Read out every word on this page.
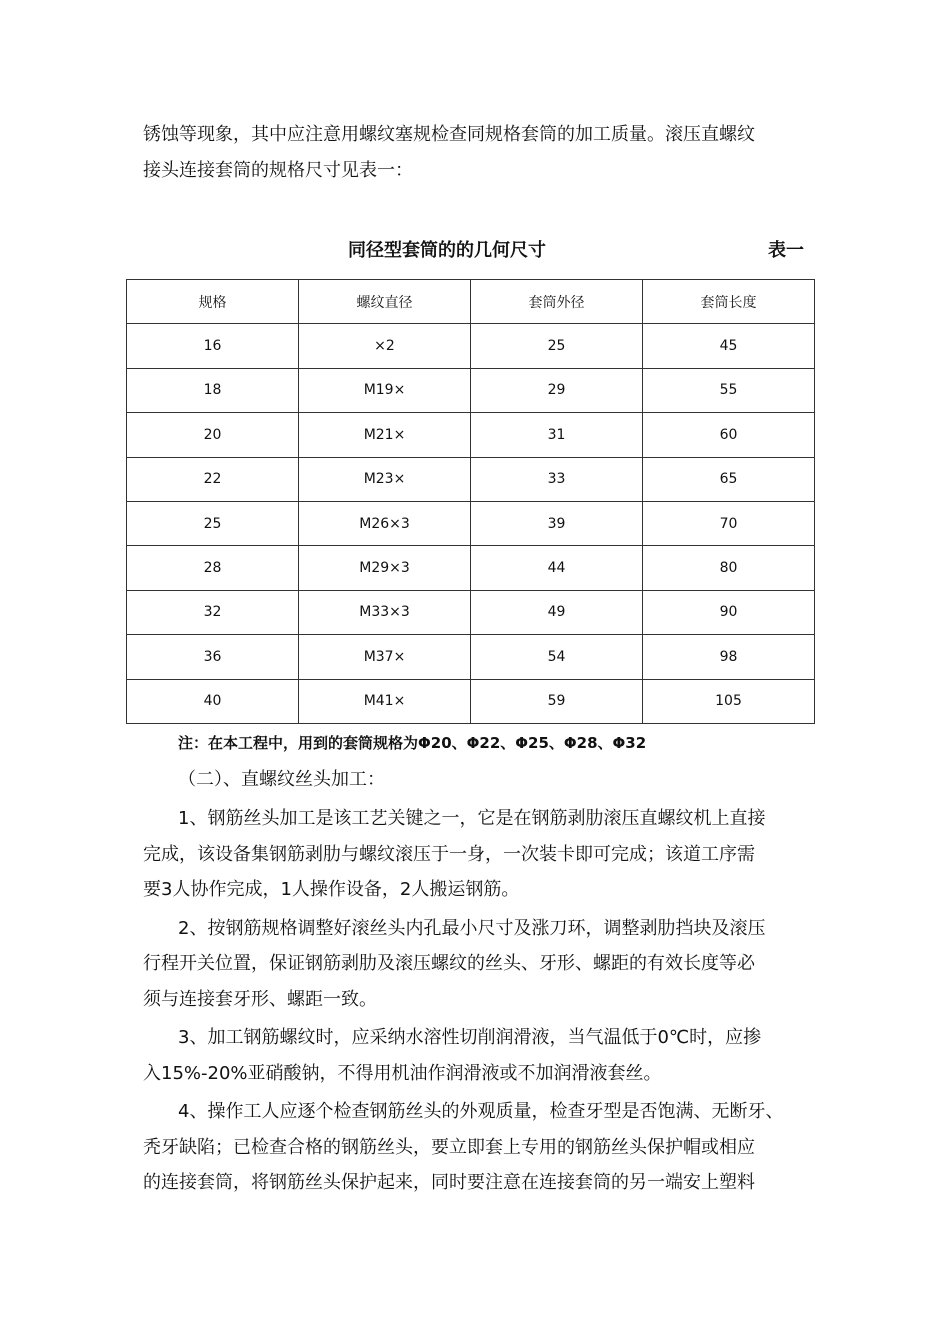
锈蚀等现象，其中应注意用螺纹塞规检查同规格套筒的加工质量。滚压直螺纹
接头连接套筒的规格尺寸见表一：
同径型套筒的的几何尺寸	表一
规格	螺纹直径	套筒外径	套筒长度
16	×2	25	45
18	M19×	29	55
20	M21×	31	60
22	M23×	33	65
25	M26×3	39	70
28	M29×3	44	80
32	M33×3	49	90
36	M37×	54	98
40	M41×	59	105
注：在本工程中，用到的套筒规格为Φ20、Φ22、Φ25、Φ28、Φ32
（二）、直螺纹丝头加工：
1、钢筋丝头加工是该工艺关键之一，它是在钢筋剥肋滚压直螺纹机上直接
完成，该设备集钢筋剥肋与螺纹滚压于一身，一次装卡即可完成；该道工序需
要3人协作完成，1人操作设备，2人搬运钢筋。
2、按钢筋规格调整好滚丝头内孔最小尺寸及涨刀环，调整剥肋挡块及滚压
行程开关位置，保证钢筋剥肋及滚压螺纹的丝头、牙形、螺距的有效长度等必
须与连接套牙形、螺距一致。
3、加工钢筋螺纹时，应采纳水溶性切削润滑液，当气温低于0℃时，应掺
入15%-20%亚硝酸钠，不得用机油作润滑液或不加润滑液套丝。
4、操作工人应逐个检查钢筋丝头的外观质量，检查牙型是否饱满、无断牙、
秃牙缺陷；已检查合格的钢筋丝头，要立即套上专用的钢筋丝头保护帽或相应
的连接套筒，将钢筋丝头保护起来，同时要注意在连接套筒的另一端安上塑料
